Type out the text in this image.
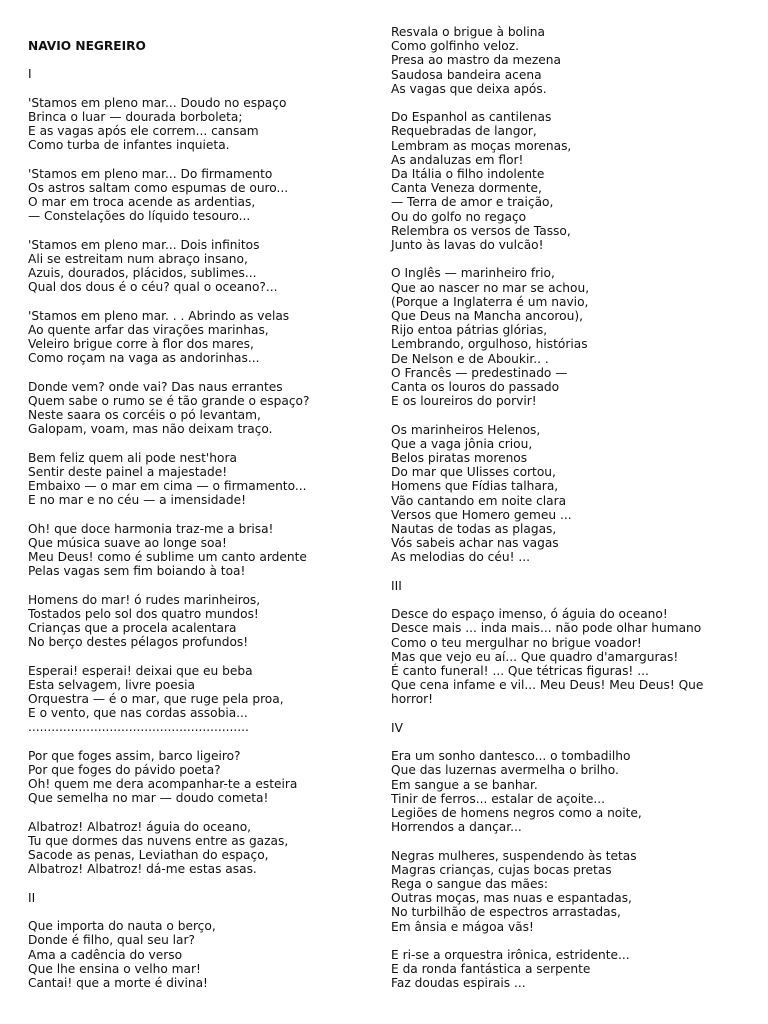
NAVIO NEGREIRO
I
'Stamos em pleno mar... Doudo no espaço
Brinca o luar — dourada borboleta;
E as vagas após ele correm... cansam
Como turba de infantes inquieta.
'Stamos em pleno mar... Do firmamento
Os astros saltam como espumas de ouro...
O mar em troca acende as ardentias,
— Constelações do líquido tesouro...
'Stamos em pleno mar... Dois infinitos
Ali se estreitam num abraço insano,
Azuis, dourados, plácidos, sublimes...
Qual dos dous é o céu? qual o oceano?...
'Stamos em pleno mar. . . Abrindo as velas
Ao quente arfar das virações marinhas,
Veleiro brigue corre à flor dos mares,
Como roçam na vaga as andorinhas...
Donde vem? onde vai? Das naus errantes
Quem sabe o rumo se é tão grande o espaço?
Neste saara os corcéis o pó levantam,
Galopam, voam, mas não deixam traço.
Bem feliz quem ali pode nest'hora
Sentir deste painel a majestade!
Embaixo — o mar em cima — o firmamento...
E no mar e no céu — a imensidade!
Oh! que doce harmonia traz-me a brisa!
Que música suave ao longe soa!
Meu Deus! como é sublime um canto ardente
Pelas vagas sem fim boiando à toa!
Homens do mar! ó rudes marinheiros,
Tostados pelo sol dos quatro mundos!
Crianças que a procela acalentara
No berço destes pélagos profundos!
Esperai! esperai! deixai que eu beba
Esta selvagem, livre poesia
Orquestra — é o mar, que ruge pela proa,
E o vento, que nas cordas assobia...
.........................................................
Por que foges assim, barco ligeiro?
Por que foges do pávido poeta?
Oh! quem me dera acompanhar-te a esteira
Que semelha no mar — doudo cometa!
Albatroz! Albatroz! águia do oceano,
Tu que dormes das nuvens entre as gazas,
Sacode as penas, Leviathan do espaço,
Albatroz! Albatroz! dá-me estas asas.
II
Que importa do nauta o berço,
Donde é filho, qual seu lar?
Ama a cadência do verso
Que lhe ensina o velho mar!
Cantai! que a morte é divina!
Resvala o brigue à bolina
Como golfinho veloz.
Presa ao mastro da mezena
Saudosa bandeira acena
As vagas que deixa após.
Do Espanhol as cantilenas
Requebradas de langor,
Lembram as moças morenas,
As andaluzas em flor!
Da Itália o filho indolente
Canta Veneza dormente,
— Terra de amor e traição,
Ou do golfo no regaço
Relembra os versos de Tasso,
Junto às lavas do vulcão!
O Inglês — marinheiro frio,
Que ao nascer no mar se achou,
(Porque a Inglaterra é um navio,
Que Deus na Mancha ancorou),
Rijo entoa pátrias glórias,
Lembrando, orgulhoso, histórias
De Nelson e de Aboukir.. .
O Francês — predestinado —
Canta os louros do passado
E os loureiros do porvir!
Os marinheiros Helenos,
Que a vaga jônia criou,
Belos piratas morenos
Do mar que Ulisses cortou,
Homens que Fídias talhara,
Vão cantando em noite clara
Versos que Homero gemeu ...
Nautas de todas as plagas,
Vós sabeis achar nas vagas
As melodias do céu! ...
III
Desce do espaço imenso, ó águia do oceano!
Desce mais ... inda mais... não pode olhar humano
Como o teu mergulhar no brigue voador!
Mas que vejo eu aí... Que quadro d'amarguras!
É canto funeral! ... Que tétricas figuras! ...
Que cena infame e vil... Meu Deus! Meu Deus! Que
horror!
IV
Era um sonho dantesco... o tombadilho
Que das luzernas avermelha o brilho.
Em sangue a se banhar.
Tinir de ferros... estalar de açoite...
Legiões de homens negros como a noite,
Horrendos a dançar...
Negras mulheres, suspendendo às tetas
Magras crianças, cujas bocas pretas
Rega o sangue das mães:
Outras moças, mas nuas e espantadas,
No turbilhão de espectros arrastadas,
Em ânsia e mágoa vãs!
E ri-se a orquestra irônica, estridente...
E da ronda fantástica a serpente
Faz doudas espirais ...
